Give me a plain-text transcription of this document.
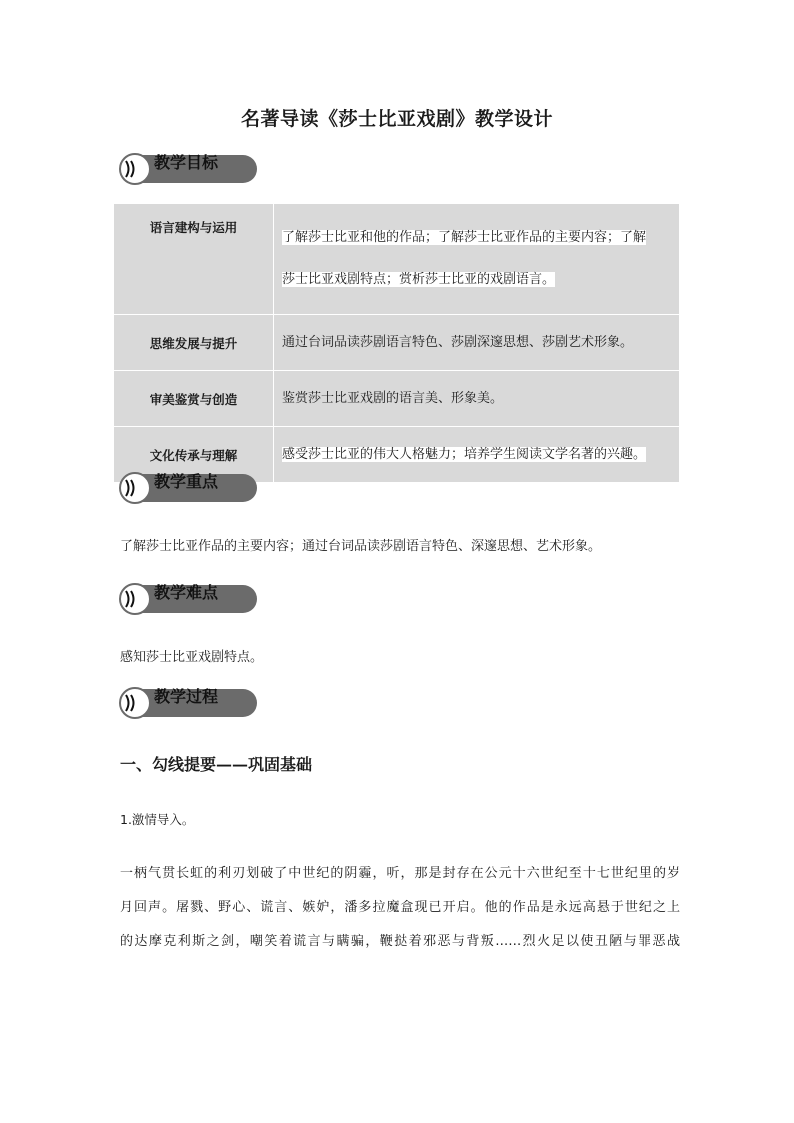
名著导读《莎士比亚戏剧》教学设计
教学目标
语言建构与运用	了解莎士比亚和他的作品；了解莎士比亚作品的主要内容；了解
莎士比亚戏剧特点；赏析莎士比亚的戏剧语言。
思维发展与提升	通过台词品读莎剧语言特色、莎剧深邃思想、莎剧艺术形象。
审美鉴赏与创造	鉴赏莎士比亚戏剧的语言美、形象美。
文化传承与理解	感受莎士比亚的伟大人格魅力；培养学生阅读文学名著的兴趣。
教学重点
了解莎士比亚作品的主要内容；通过台词品读莎剧语言特色、深邃思想、艺术形象。
教学难点
感知莎士比亚戏剧特点。
教学过程
一、勾线提要——巩固基础
1.激情导入。
一柄气贯长虹的利刃划破了中世纪的阴霾，听，那是封存在公元十六世纪至十七世纪里的岁
月回声。屠戮、野心、谎言、嫉妒，潘多拉魔盒现已开启。他的作品是永远高悬于世纪之上
的达摩克利斯之剑，嘲笑着谎言与瞒骗，鞭挞着邪恶与背叛……烈火足以使丑陋与罪恶战
